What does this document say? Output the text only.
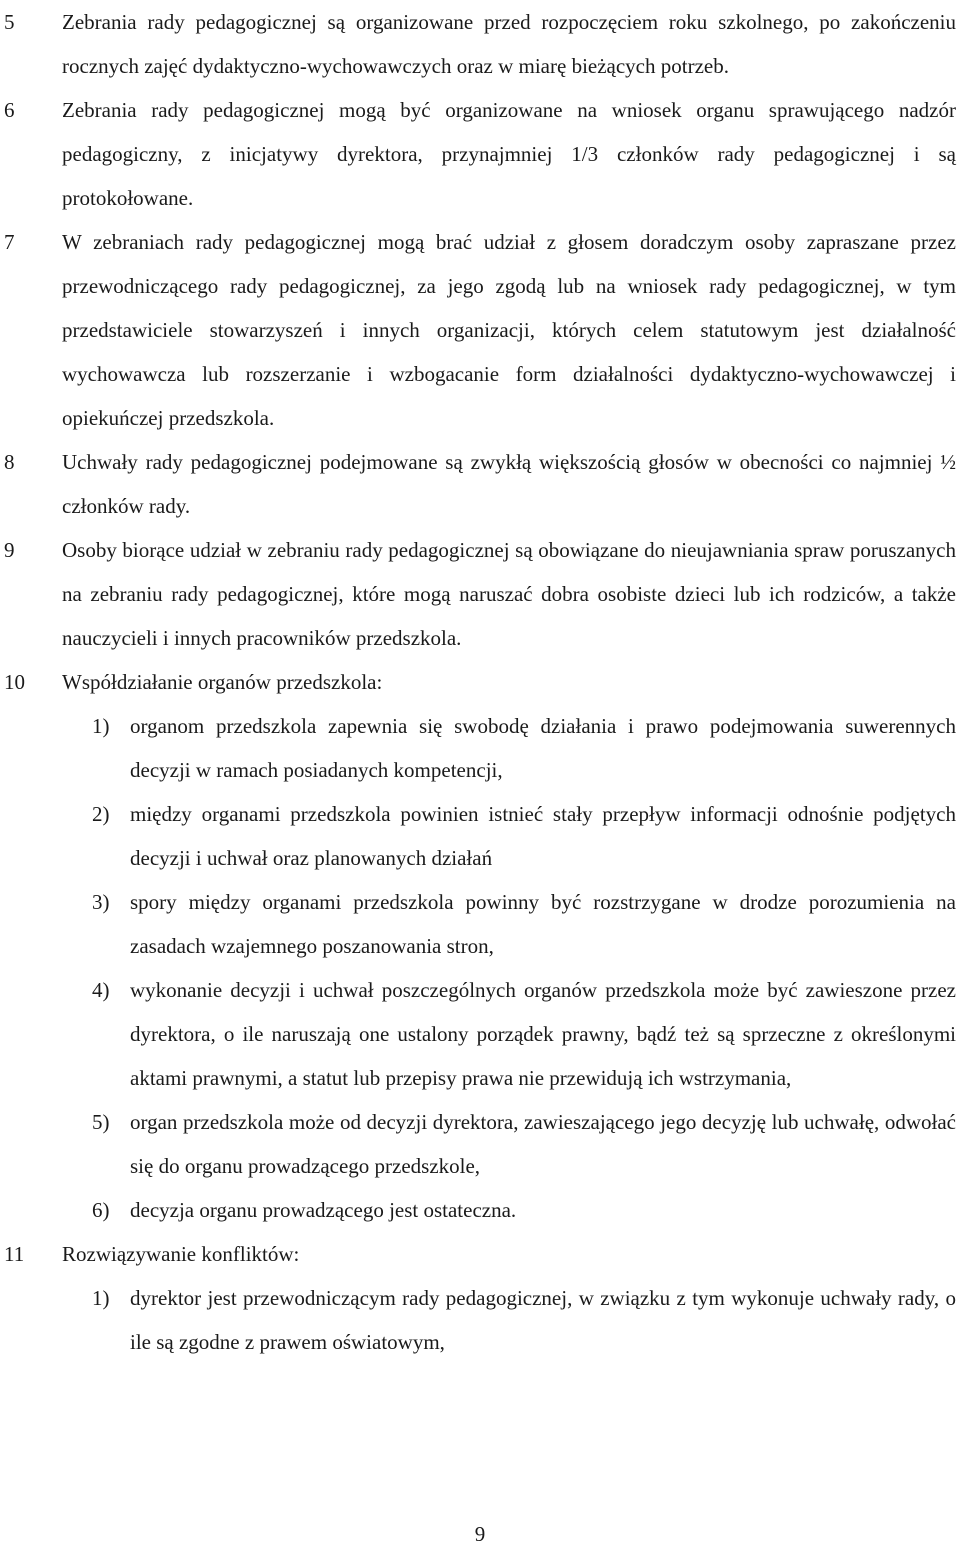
5 Zebrania rady pedagogicznej są organizowane przed rozpoczęciem roku szkolnego, po zakończeniu rocznych zajęć dydaktyczno-wychowawczych oraz w miarę bieżących potrzeb.

6 Zebrania rady pedagogicznej mogą być organizowane na wniosek organu sprawującego nadzór pedagogiczny, z inicjatywy dyrektora, przynajmniej 1/3 członków rady pedagogicznej i są protokołowane.

7 W zebraniach rady pedagogicznej mogą brać udział z głosem doradczym osoby zapraszane przez przewodniczącego rady pedagogicznej, za jego zgodą lub na wniosek rady pedagogicznej, w tym przedstawiciele stowarzyszeń i innych organizacji, których celem statutowym jest działalność wychowawcza lub rozszerzanie i wzbogacanie form działalności dydaktyczno-wychowawczej i opiekuńczej przedszkola.

8 Uchwały rady pedagogicznej podejmowane są zwykłą większością głosów w obecności co najmniej ½ członków rady.

9 Osoby biorące udział w zebraniu rady pedagogicznej są obowiązane do nieujawniania spraw poruszanych na zebraniu rady pedagogicznej, które mogą naruszać dobra osobiste dzieci lub ich rodziców, a także nauczycieli i innych pracowników przedszkola.

10 Współdziałanie organów przedszkola:

1) organom przedszkola zapewnia się swobodę działania i prawo podejmowania suwerennych decyzji w ramach posiadanych kompetencji,

2) między organami przedszkola powinien istnieć stały przepływ informacji odnośnie podjętych decyzji i uchwał oraz planowanych działań

3) spory między organami przedszkola powinny być rozstrzygane w drodze porozumienia na zasadach wzajemnego poszanowania stron,

4) wykonanie decyzji i uchwał poszczególnych organów przedszkola może być zawieszone przez dyrektora, o ile naruszają one ustalony porządek prawny, bądź też są sprzeczne z określonymi aktami prawnymi, a statut lub przepisy prawa nie przewidują ich wstrzymania,

5) organ przedszkola może od decyzji dyrektora, zawieszającego jego decyzję lub uchwałę, odwołać się do organu prowadzącego przedszkole,

6) decyzja organu prowadzącego jest ostateczna.

11 Rozwiązywanie konfliktów:

1) dyrektor jest przewodniczącym rady pedagogicznej, w związku z tym wykonuje uchwały rady, o ile są zgodne z prawem oświatowym,

9
